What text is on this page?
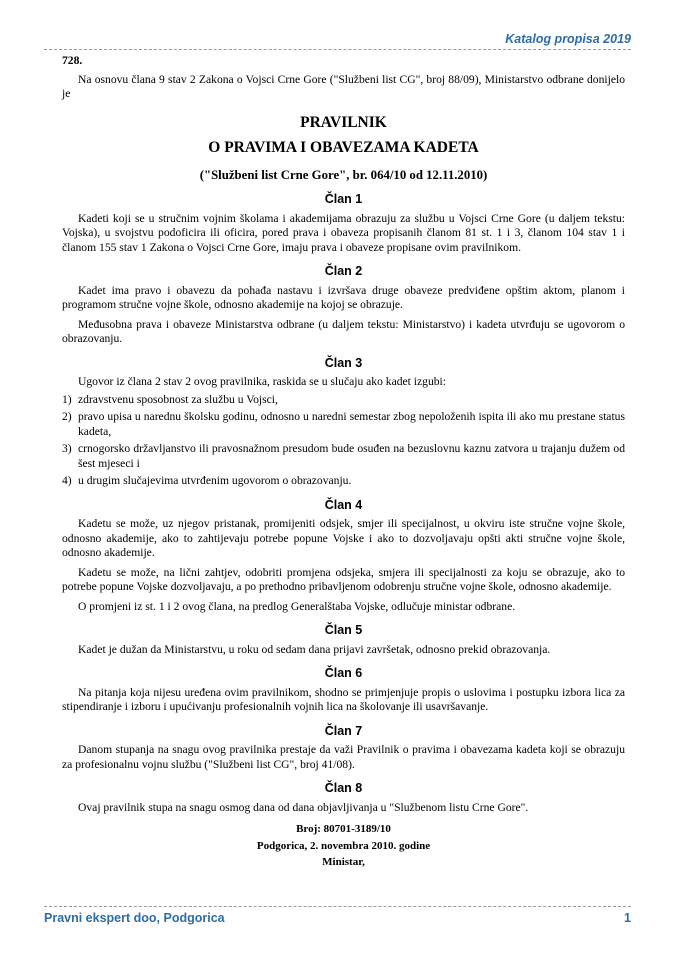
Katalog propisa 2019
728.

Na osnovu člana 9 stav 2 Zakona o Vojsci Crne Gore ("Službeni list CG", broj 88/09), Ministarstvo odbrane donijelo je

PRAVILNIK
O PRAVIMA I OBAVEZAMA KADETA
("Službeni list Crne Gore", br. 064/10 od 12.11.2010)
Član 1

Kadeti koji se u stručnim vojnim školama i akademijama obrazuju za službu u Vojsci Crne Gore (u daljem tekstu: Vojska), u svojstvu podoficira ili oficira, pored prava i obaveza propisanih članom 81 st. 1 i 3, članom 104 stav 1 i članom 155 stav 1 Zakona o Vojsci Crne Gore, imaju prava i obaveze propisane ovim pravilnikom.

Član 2

Kadet ima pravo i obavezu da pohađa nastavu i izvršava druge obaveze predviđene opštim aktom, planom i programom stručne vojne škole, odnosno akademije na kojoj se obrazuje.

Međusobna prava i obaveze Ministarstva odbrane (u daljem tekstu: Ministarstvo) i kadeta utvrđuju se ugovorom o obrazovanju.

Član 3

Ugovor iz člana 2 stav 2 ovog pravilnika, raskida se u slučaju ako kadet izgubi:

1) zdravstvenu sposobnost za službu u Vojsci,
2) pravo upisa u narednu školsku godinu, odnosno u naredni semestar zbog nepoloženih ispita ili ako mu prestane status kadeta,
3) crnogorsko državljanstvo ili pravosnažnom presudom bude osuđen na bezuslovnu kaznu zatvora u trajanju dužem od šest mjeseci i
4) u drugim slučajevima utvrđenim ugovorom o obrazovanju.
Član 4

Kadetu se može, uz njegov pristanak, promijeniti odsjek, smjer ili specijalnost, u okviru iste stručne vojne škole, odnosno akademije, ako to zahtijevaju potrebe popune Vojske i ako to dozvoljavaju opšti akti stručne vojne škole, odnosno akademije.

Kadetu se može, na lični zahtjev, odobriti promjena odsjeka, smjera ili specijalnosti za koju se obrazuje, ako to potrebe popune Vojske dozvoljavaju, a po prethodno pribavljenom odobrenju stručne vojne škole, odnosno akademije.

O promjeni iz st. 1 i 2 ovog člana, na predlog Generalštaba Vojske, odlučuje ministar odbrane.

Član 5

Kadet je dužan da Ministarstvu, u roku od sedam dana prijavi završetak, odnosno prekid obrazovanja.

Član 6

Na pitanja koja nijesu uređena ovim pravilnikom, shodno se primjenjuje propis o uslovima i postupku izbora lica za stipendiranje i izboru i upućivanju profesionalnih vojnih lica na školovanje ili usavršavanje.

Član 7

Danom stupanja na snagu ovog pravilnika prestaje da važi Pravilnik o pravima i obavezama kadeta koji se obrazuju za profesionalnu vojnu službu ("Službeni list CG", broj 41/08).

Član 8

Ovaj pravilnik stupa na snagu osmog dana od dana objavljivanja u "Službenom listu Crne Gore".

Broj: 80701-3189/10
Podgorica, 2. novembra 2010. godine
Ministar,
Pravni ekspert doo, Podgorica	1
